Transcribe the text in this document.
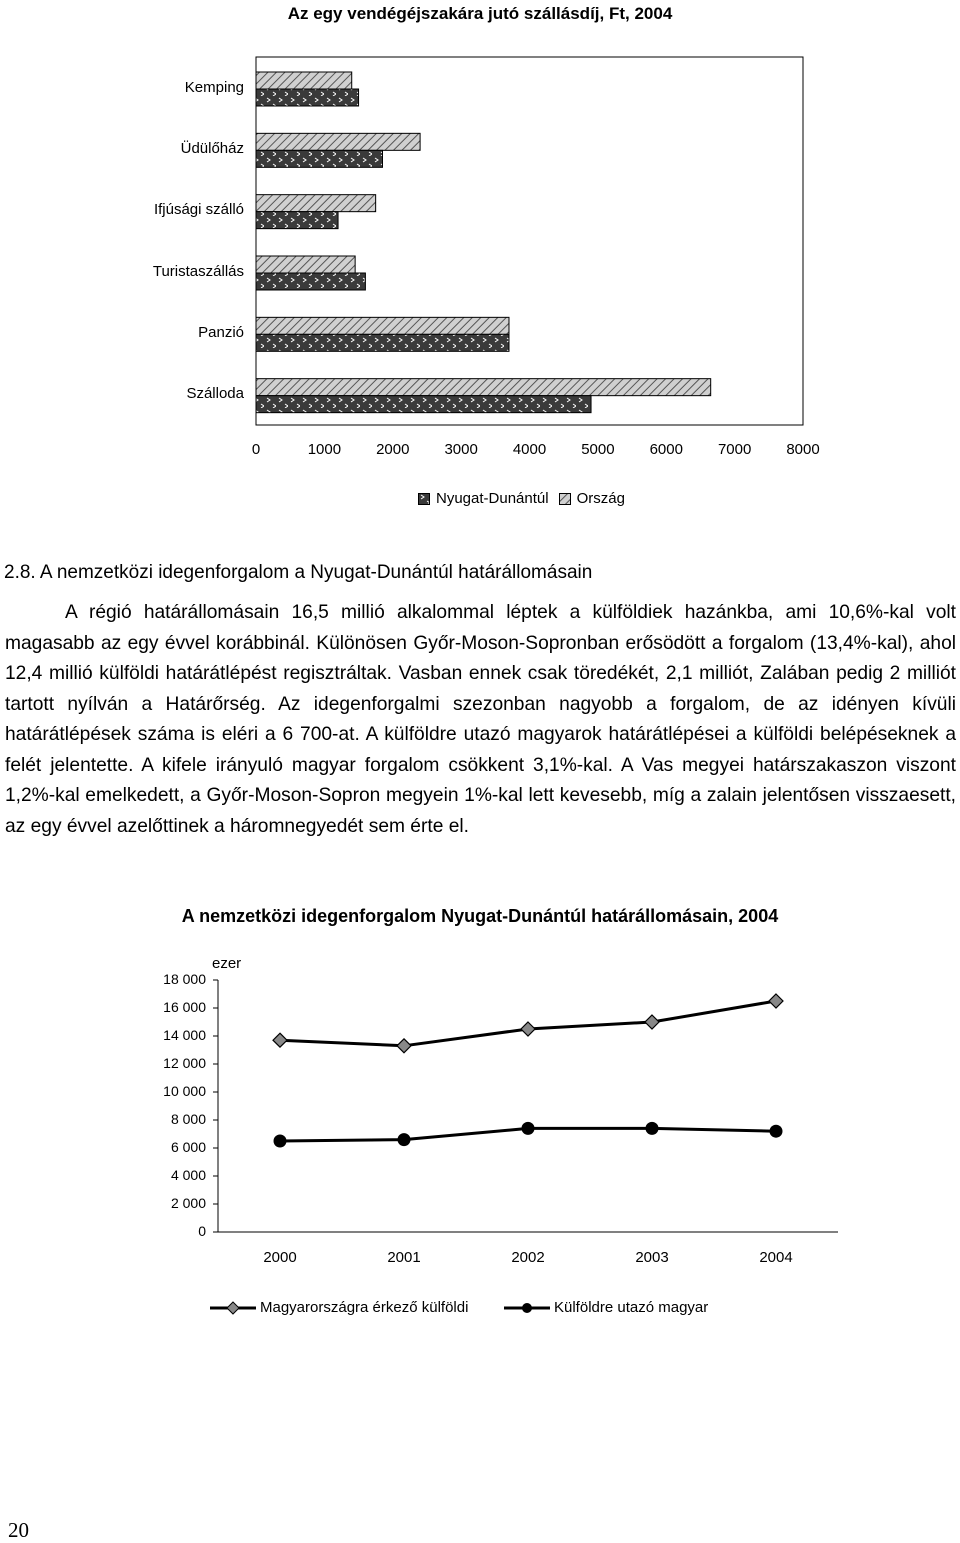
Az egy vendégéjszakára jutó szállásdíj, Ft, 2004
Kemping
Üdülőház
Ifjúsági szálló
Turistaszállás
Panzió
Szálloda
0	1000	2000	3000	4000	5000	6000	7000	8000
Nyugat-Dunántúl Ország
2.8. A nemzetközi idegenforgalom a Nyugat-Dunántúl határállomásain

A régió határállomásain 16,5 millió alkalommal léptek a külföldiek hazánkba, ami 10,6%-kal volt magasabb az egy évvel korábbinál. Különösen Győr-Moson-Sopronban erősödött a forgalom (13,4%-kal), ahol 12,4 millió külföldi határátlépést regisztráltak. Vasban ennek csak töredékét, 2,1 milliót, Zalában pedig 2 milliót tartott nyílván a Határőrség. Az idegenforgalmi szezonban nagyobb a forgalom, de az idényen kívüli határátlépések száma is eléri a 6 700-at. A külföldre utazó magyarok határátlépései a külföldi belépéseknek a felét jelentette. A kifele irányuló magyar forgalom csökkent 3,1%-kal. A Vas megyei határszakaszon viszont 1,2%-kal emelkedett, a Győr-Moson-Sopron megyein 1%-kal lett kevesebb, míg a zalain jelentősen visszaesett, az egy évvel azelőttinek a háromnegyedét sem érte el.

A nemzetközi idegenforgalom Nyugat-Dunántúl határállomásain, 2004
ezer
0
2 000
4 000
6 000
8 000
10 000
12 000
14 000
16 000
18 000
2000	2001	2002	2003	2004
Magyarországra érkező külföldi	Külföldre utazó magyar
20
